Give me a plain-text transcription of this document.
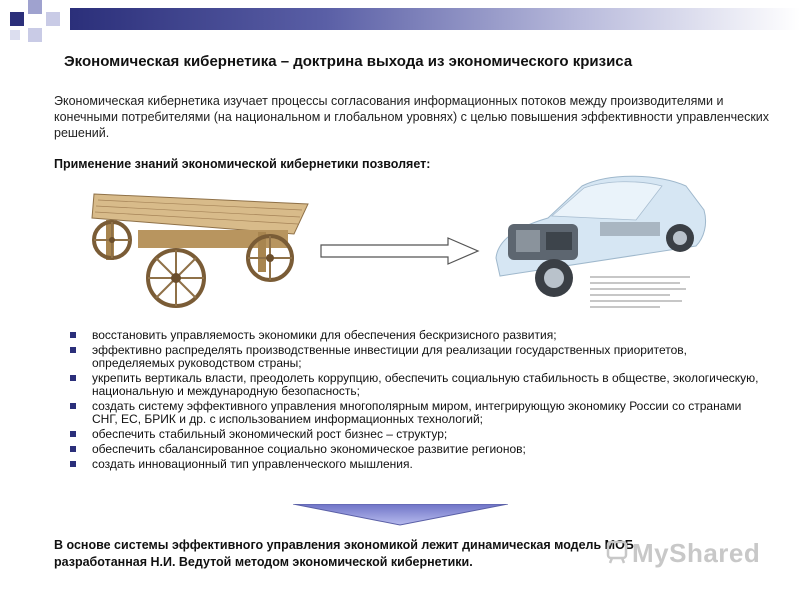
Экономическая кибернетика – доктрина выхода из экономического кризиса
Экономическая кибернетика изучает процессы согласования информационных потоков между производителями и конечными потребителями (на национальном и глобальном уровнях) с целью повышения эффективности управленческих решений.
Применение знаний экономической кибернетики позволяет:
восстановить управляемость экономики для обеспечения бескризисного развития;
эффективно распределять производственные инвестиции для реализации государственных приоритетов, определяемых руководством страны;
укрепить вертикаль власти, преодолеть коррупцию, обеспечить социальную стабильность в обществе, экологическую, национальную и международную безопасность;
создать систему эффективного управления многополярным миром, интегрирующую экономику России со странами СНГ, ЕС, БРИК и др. с использованием информационных технологий;
обеспечить стабильный экономический рост бизнес – структур;
обеспечить сбалансированное социально экономическое развитие регионов;
создать инновационный тип управленческого мышления.
В основе системы эффективного управления экономикой лежит динамическая модель МОБ,
разработанная Н.И. Ведутой методом экономической кибернетики.	MyShared
